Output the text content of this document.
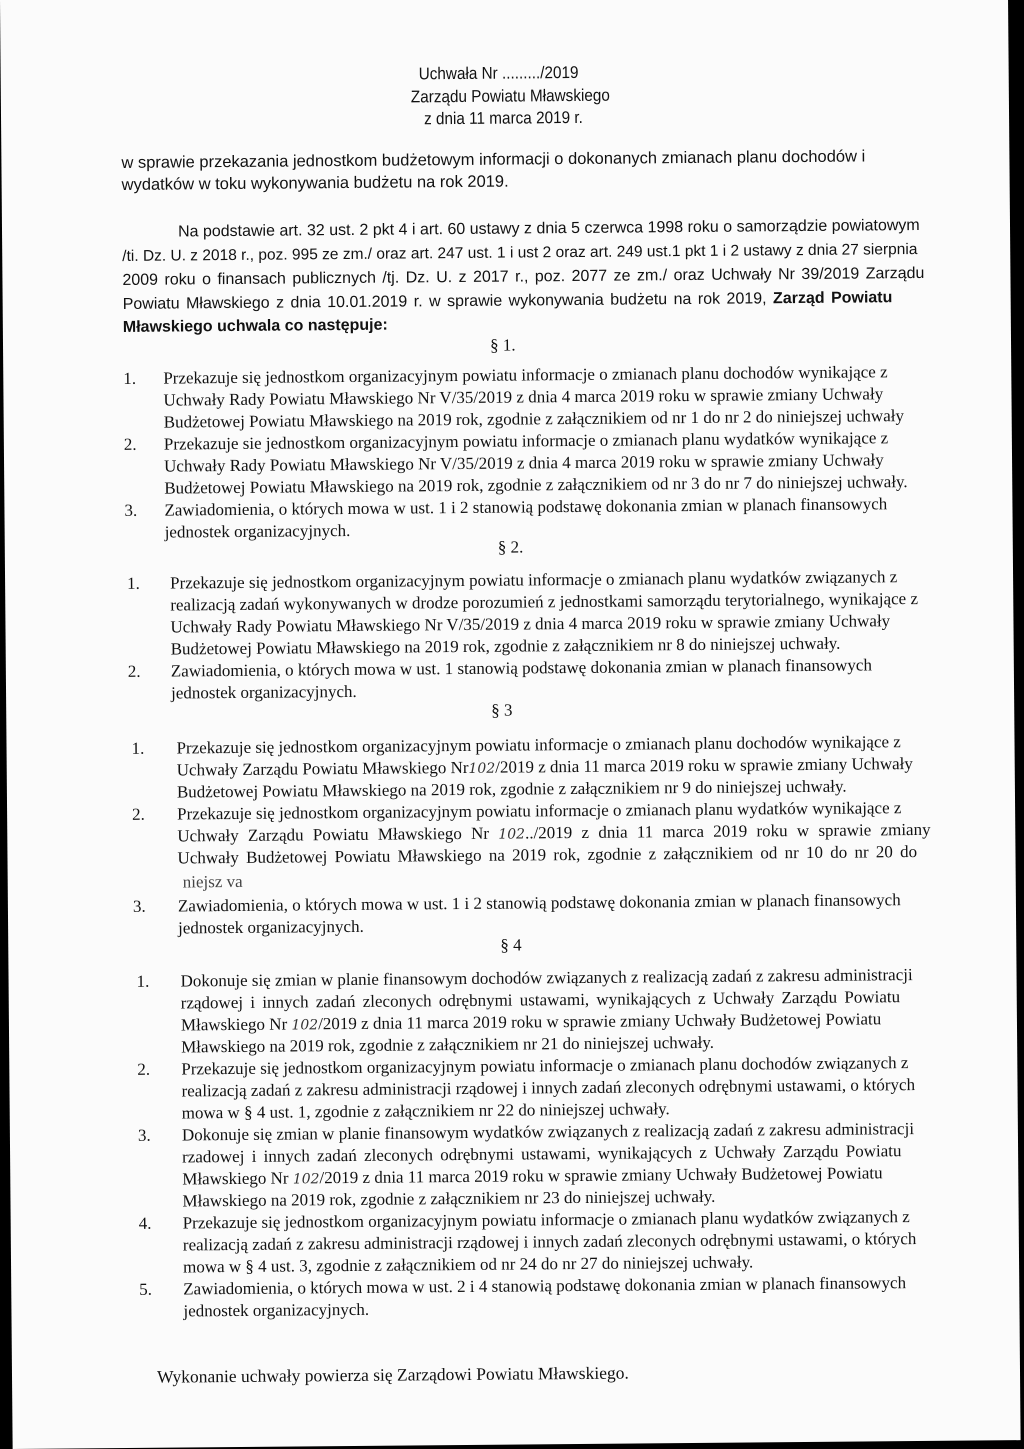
Uchwała Nr ........./2019
Zarządu Powiatu Mławskiego
z dnia 11 marca 2019 r.
w sprawie przekazania jednostkom budżetowym informacji o dokonanych zmianach planu dochodów i
wydatków w toku wykonywania budżetu na rok 2019.
Na podstawie art. 32 ust. 2 pkt 4 i art. 60 ustawy z dnia 5 czerwca 1998 roku o samorządzie powiatowym
/ti. Dz. U. z 2018 r., poz. 995 ze zm./ oraz art. 247 ust. 1 i ust 2 oraz art. 249 ust.1 pkt 1 i 2 ustawy z dnia 27 sierpnia
2009 roku o finansach publicznych /tj. Dz. U. z 2017 r., poz. 2077 ze zm./ oraz Uchwały Nr 39/2019 Zarządu
Powiatu Mławskiego z dnia 10.01.2019 r. w sprawie wykonywania budżetu na rok 2019, Zarząd Powiatu
Mławskiego uchwala co następuje:
§ 1.
1. Przekazuje się jednostkom organizacyjnym powiatu informacje o zmianach planu dochodów wynikające z
Uchwały Rady Powiatu Mławskiego Nr V/35/2019 z dnia 4 marca 2019 roku w sprawie zmiany Uchwały
Budżetowej Powiatu Mławskiego na 2019 rok, zgodnie z załącznikiem od nr 1 do nr 2 do niniejszej uchwały
2. Przekazuje sie jednostkom organizacyjnym powiatu informacje o zmianach planu wydatków wynikające z
Uchwały Rady Powiatu Mławskiego Nr V/35/2019 z dnia 4 marca 2019 roku w sprawie zmiany Uchwały
Budżetowej Powiatu Mławskiego na 2019 rok, zgodnie z załącznikiem od nr 3 do nr 7 do niniejszej uchwały.
3. Zawiadomienia, o których mowa w ust. 1 i 2 stanowią podstawę dokonania zmian w planach finansowych
jednostek organizacyjnych.
§ 2.
1. Przekazuje się jednostkom organizacyjnym powiatu informacje o zmianach planu wydatków związanych z
realizacją zadań wykonywanych w drodze porozumień z jednostkami samorządu terytorialnego, wynikające z
Uchwały Rady Powiatu Mławskiego Nr V/35/2019 z dnia 4 marca 2019 roku w sprawie zmiany Uchwały
Budżetowej Powiatu Mławskiego na 2019 rok, zgodnie z załącznikiem nr 8 do niniejszej uchwały.
2. Zawiadomienia, o których mowa w ust. 1 stanowią podstawę dokonania zmian w planach finansowych
jednostek organizacyjnych.
§ 3
1. Przekazuje się jednostkom organizacyjnym powiatu informacje o zmianach planu dochodów wynikające z
Uchwały Zarządu Powiatu Mławskiego Nr102/2019 z dnia 11 marca 2019 roku w sprawie zmiany Uchwały
Budżetowej Powiatu Mławskiego na 2019 rok, zgodnie z załącznikiem nr 9 do niniejszej uchwały.
2. Przekazuje się jednostkom organizacyjnym powiatu informacje o zmianach planu wydatków wynikające z
Uchwały Zarządu Powiatu Mławskiego Nr 102../2019 z dnia 11 marca 2019 roku w sprawie zmiany
Uchwały Budżetowej Powiatu Mławskiego na 2019 rok, zgodnie z załącznikiem od nr 10 do nr 20 do
niejsz va
3. Zawiadomienia, o których mowa w ust. 1 i 2 stanowią podstawę dokonania zmian w planach finansowych
jednostek organizacyjnych.
§ 4
1. Dokonuje się zmian w planie finansowym dochodów związanych z realizacją zadań z zakresu administracji
rządowej i innych zadań zleconych odrębnymi ustawami, wynikających z Uchwały Zarządu Powiatu
Mławskiego Nr 102/2019 z dnia 11 marca 2019 roku w sprawie zmiany Uchwały Budżetowej Powiatu
Mławskiego na 2019 rok, zgodnie z załącznikiem nr 21 do niniejszej uchwały.
2. Przekazuje się jednostkom organizacyjnym powiatu informacje o zmianach planu dochodów związanych z
realizacją zadań z zakresu administracji rządowej i innych zadań zleconych odrębnymi ustawami, o których
mowa w § 4 ust. 1, zgodnie z załącznikiem nr 22 do niniejszej uchwały.
3. Dokonuje się zmian w planie finansowym wydatków związanych z realizacją zadań z zakresu administracji
rzadowej i innych zadań zleconych odrębnymi ustawami, wynikających z Uchwały Zarządu Powiatu
Mławskiego Nr 102/2019 z dnia 11 marca 2019 roku w sprawie zmiany Uchwały Budżetowej Powiatu
Mławskiego na 2019 rok, zgodnie z załącznikiem nr 23 do niniejszej uchwały.
4. Przekazuje się jednostkom organizacyjnym powiatu informacje o zmianach planu wydatków związanych z
realizacją zadań z zakresu administracji rządowej i innych zadań zleconych odrębnymi ustawami, o których
mowa w § 4 ust. 3, zgodnie z załącznikiem od nr 24 do nr 27 do niniejszej uchwały.
5. Zawiadomienia, o których mowa w ust. 2 i 4 stanowią podstawę dokonania zmian w planach finansowych
jednostek organizacyjnych.
Wykonanie uchwały powierza się Zarządowi Powiatu Mławskiego.
